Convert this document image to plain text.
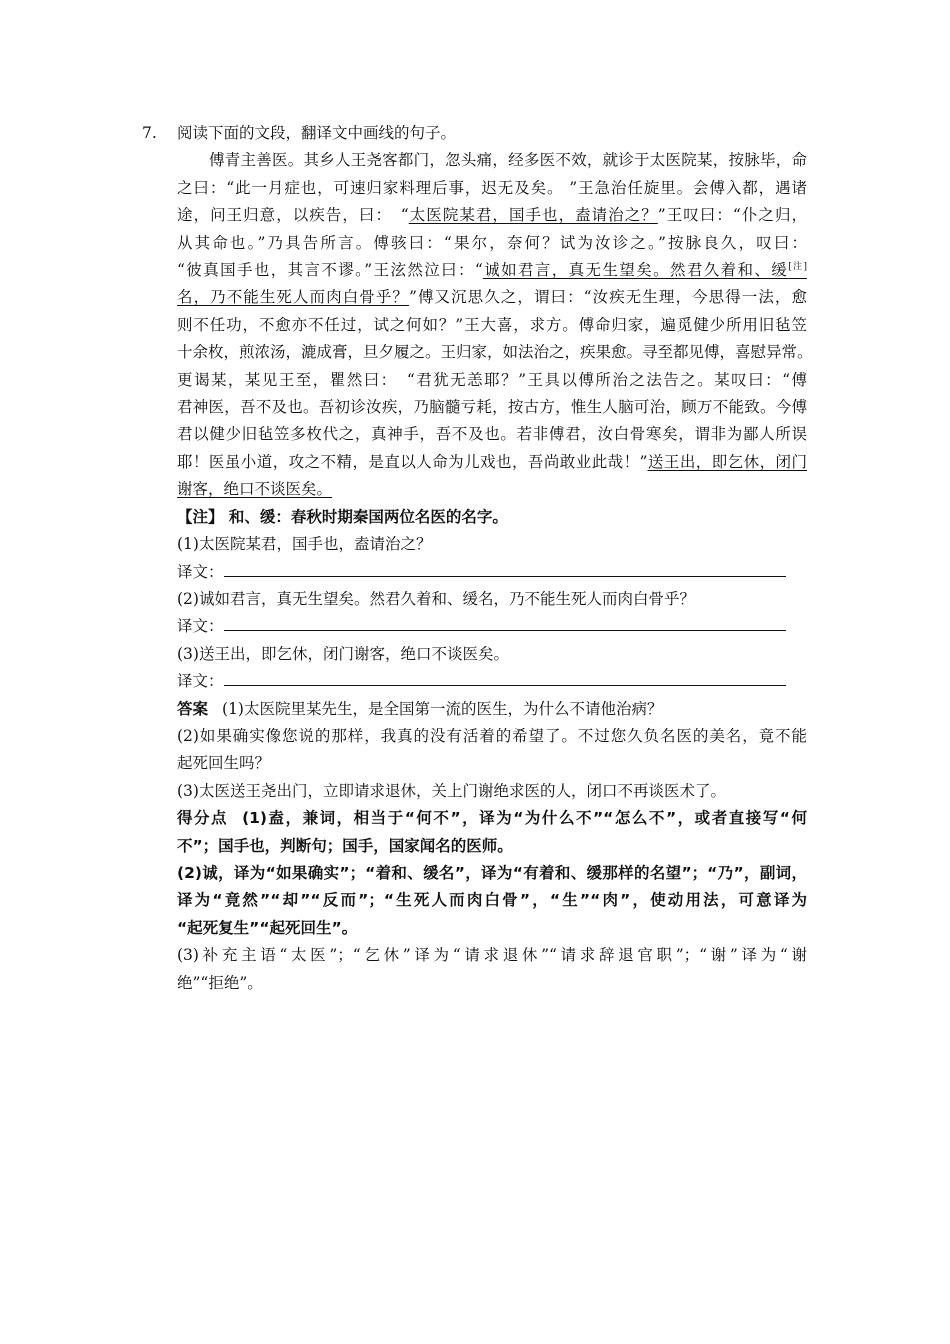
7. 阅读下面的文段，翻译文中画线的句子。
傅青主善医。其乡人王尧客都门，忽头痛，经多医不效，就诊于太医院某，按脉毕，命
之曰：“此一月症也，可速归家料理后事，迟无及矣。 ”王急治任旋里。会傅入都，遇诸
途，问王归意，以疾告，曰：　“太医院某君，国手也，盍请治之？”王叹曰：“仆之归，
从其命也。”乃具告所言。傅骇曰：“果尔，奈何？试为汝诊之。”按脉良久，叹曰：
“彼真国手也，其言不谬。”王泫然泣曰：“诚如君言，真无生望矣。然君久着和、缓[注]
名，乃不能生死人而肉白骨乎？”傅又沉思久之，谓曰：“汝疾无生理，今思得一法，愈
则不任功，不愈亦不任过，试之何如？”王大喜，求方。傅命归家，遍觅健少所用旧毡笠
十余枚，煎浓汤，漉成膏，旦夕履之。王归家，如法治之，疾果愈。寻至都见傅，喜慰异常。
更谒某，某见王至，瞿然曰：　“君犹无恙耶？”王具以傅所治之法告之。某叹曰：“傅
君神医，吾不及也。吾初诊汝疾，乃脑髓亏耗，按古方，惟生人脑可治，顾万不能致。今傅
君以健少旧毡笠多枚代之，真神手，吾不及也。若非傅君，汝白骨寒矣，谓非为鄙人所误
耶！医虽小道，攻之不精，是直以人命为儿戏也，吾尚敢业此哉！”送王出，即乞休，闭门
谢客，绝口不谈医矣。
【注】 和、缓：春秋时期秦国两位名医的名字。
(1)太医院某君，国手也，盍请治之？
译文：
(2)诚如君言，真无生望矣。然君久着和、缓名，乃不能生死人而肉白骨乎？
译文：
(3)送王出，即乞休，闭门谢客，绝口不谈医矣。
译文：
答案 (1)太医院里某先生，是全国第一流的医生，为什么不请他治病？
(2)如果确实像您说的那样，我真的没有活着的希望了。不过您久负名医的美名，竟不能
起死回生吗？
(3)太医送王尧出门，立即请求退休，关上门谢绝求医的人，闭口不再谈医术了。
得分点 (1)盍，兼词，相当于“何不”，译为“为什么不”“怎么不”，或者直接写“何
不”；国手也，判断句；国手，国家闻名的医师。
(2)诚，译为“如果确实”；“着和、缓名”，译为“有着和、缓那样的名望”；“乃”，副词，
译为“竟然”“却”“反而”；“生死人而肉白骨”，“生”“肉”，使动用法，可意译为
“起死复生”“起死回生”。
(3)补充主语“太医”；“乞休”译为“请求退休”“请求辞退官职”；“谢”译为“谢
绝”“拒绝”。
